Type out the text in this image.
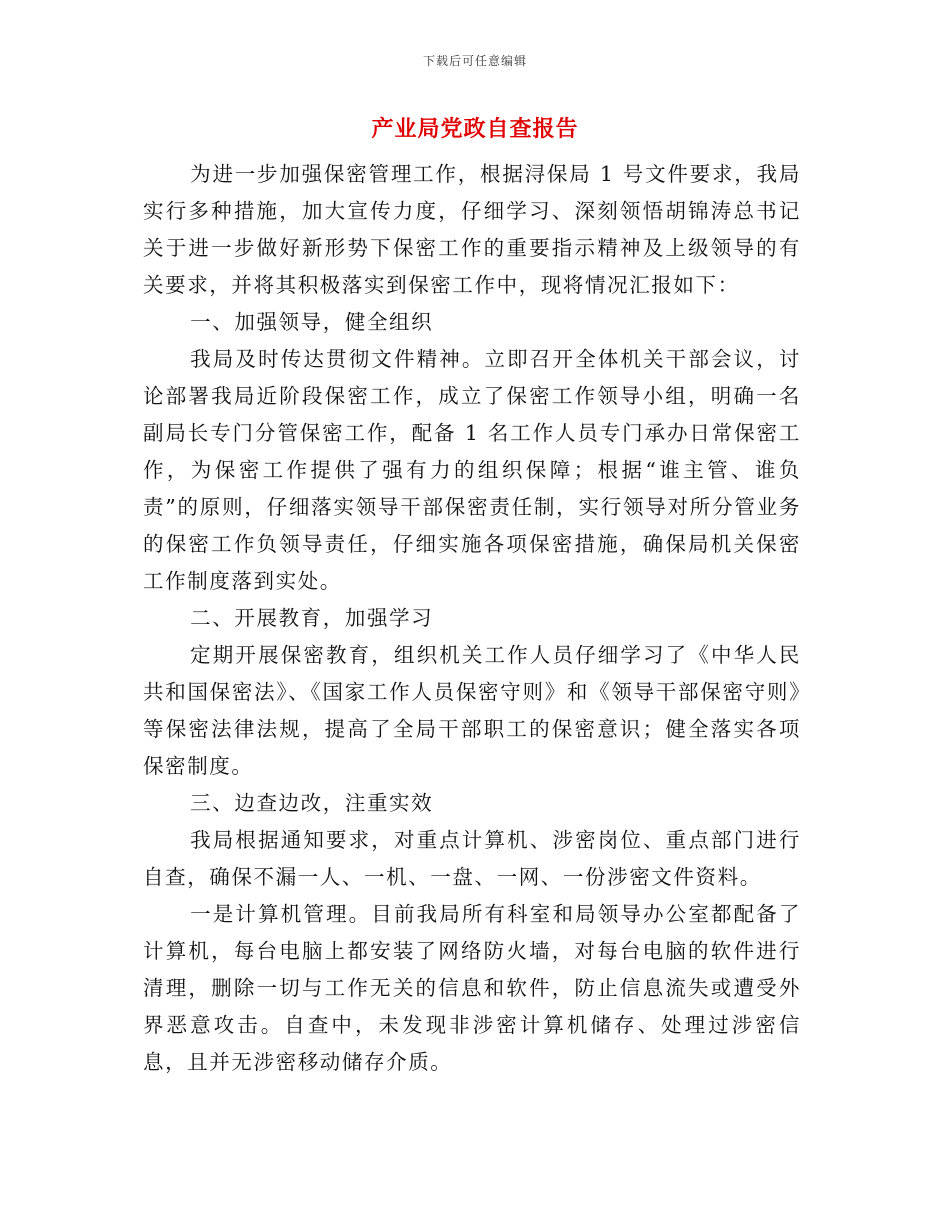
下载后可任意编辑
产业局党政自查报告

为进一步加强保密管理工作，根据浔保局 1 号文件要求，我局实行多种措施，加大宣传力度，仔细学习、深刻领悟胡锦涛总书记关于进一步做好新形势下保密工作的重要指示精神及上级领导的有关要求，并将其积极落实到保密工作中，现将情况汇报如下：

一、加强领导，健全组织

我局及时传达贯彻文件精神。立即召开全体机关干部会议，讨论部署我局近阶段保密工作，成立了保密工作领导小组，明确一名副局长专门分管保密工作，配备 1 名工作人员专门承办日常保密工作，为保密工作提供了强有力的组织保障；根据“谁主管、谁负责”的原则，仔细落实领导干部保密责任制，实行领导对所分管业务的保密工作负领导责任，仔细实施各项保密措施，确保局机关保密工作制度落到实处。

二、开展教育，加强学习

定期开展保密教育，组织机关工作人员仔细学习了《中华人民共和国保密法》、《国家工作人员保密守则》和《领导干部保密守则》等保密法律法规，提高了全局干部职工的保密意识；健全落实各项保密制度。

三、边查边改，注重实效

我局根据通知要求，对重点计算机、涉密岗位、重点部门进行自查，确保不漏一人、一机、一盘、一网、一份涉密文件资料。

一是计算机管理。目前我局所有科室和局领导办公室都配备了计算机，每台电脑上都安装了网络防火墙，对每台电脑的软件进行清理，删除一切与工作无关的信息和软件，防止信息流失或遭受外界恶意攻击。自查中，未发现非涉密计算机储存、处理过涉密信息，且并无涉密移动储存介质。
